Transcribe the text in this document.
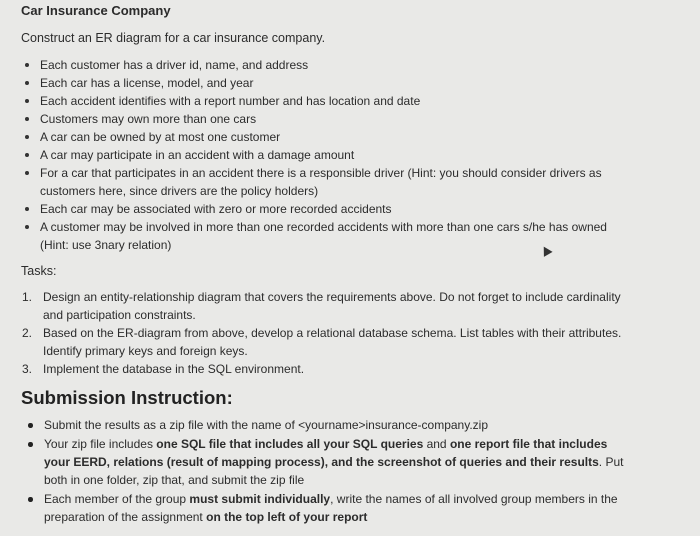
Car Insurance Company
Construct an ER diagram for a car insurance company.
Each customer has a driver id, name, and address
Each car has a license, model, and year
Each accident identifies with a report number and has location and date
Customers may own more than one cars
A car can be owned by at most one customer
A car may participate in an accident with a damage amount
For a car that participates in an accident there is a responsible driver (Hint: you should consider drivers as customers here, since drivers are the policy holders)
Each car may be associated with zero or more recorded accidents
A customer may be involved in more than one recorded accidents with more than one cars s/he has owned (Hint: use 3nary relation)
Tasks:
1. Design an entity-relationship diagram that covers the requirements above. Do not forget to include cardinality and participation constraints.
2. Based on the ER-diagram from above, develop a relational database schema. List tables with their attributes. Identify primary keys and foreign keys.
3. Implement the database in the SQL environment.
Submission Instruction:
Submit the results as a zip file with the name of <yourname>insurance-company.zip
Your zip file includes one SQL file that includes all your SQL queries and one report file that includes your EERD, relations (result of mapping process), and the screenshot of queries and their results. Put both in one folder, zip that, and submit the zip file
Each member of the group must submit individually, write the names of all involved group members in the preparation of the assignment on the top left of your report
